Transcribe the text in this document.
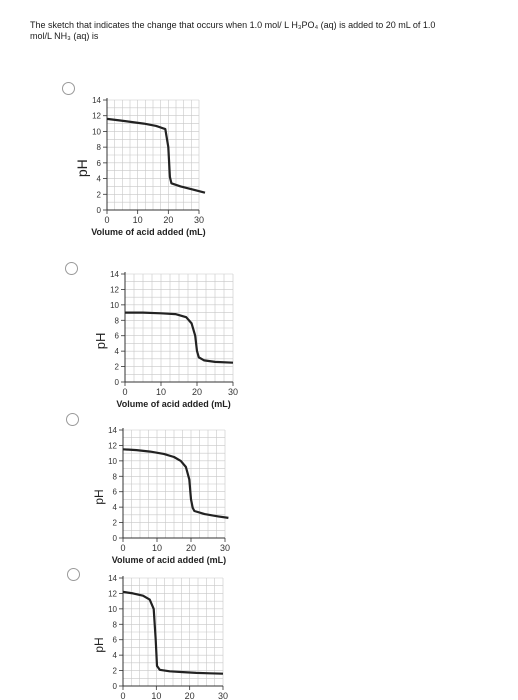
The sketch that indicates the change that occurs when 1.0 mol/ L H₃PO₄ (aq) is added to 20 mL of 1.0
mol/L NH₃ (aq) is
0
2
4
6
8
10
12
14
0	10 20 30
pH
Volume of acid added (mL)
0
2
4
6
8
10
12
14
0	10	20	30
pH
Volume of acid added (mL)
0
2
4
6
8
10
12
14
0	10	20	30
pH
Volume of acid added (mL)
0
2
4
6
8
10
12
14
0	10	20	30
pH
